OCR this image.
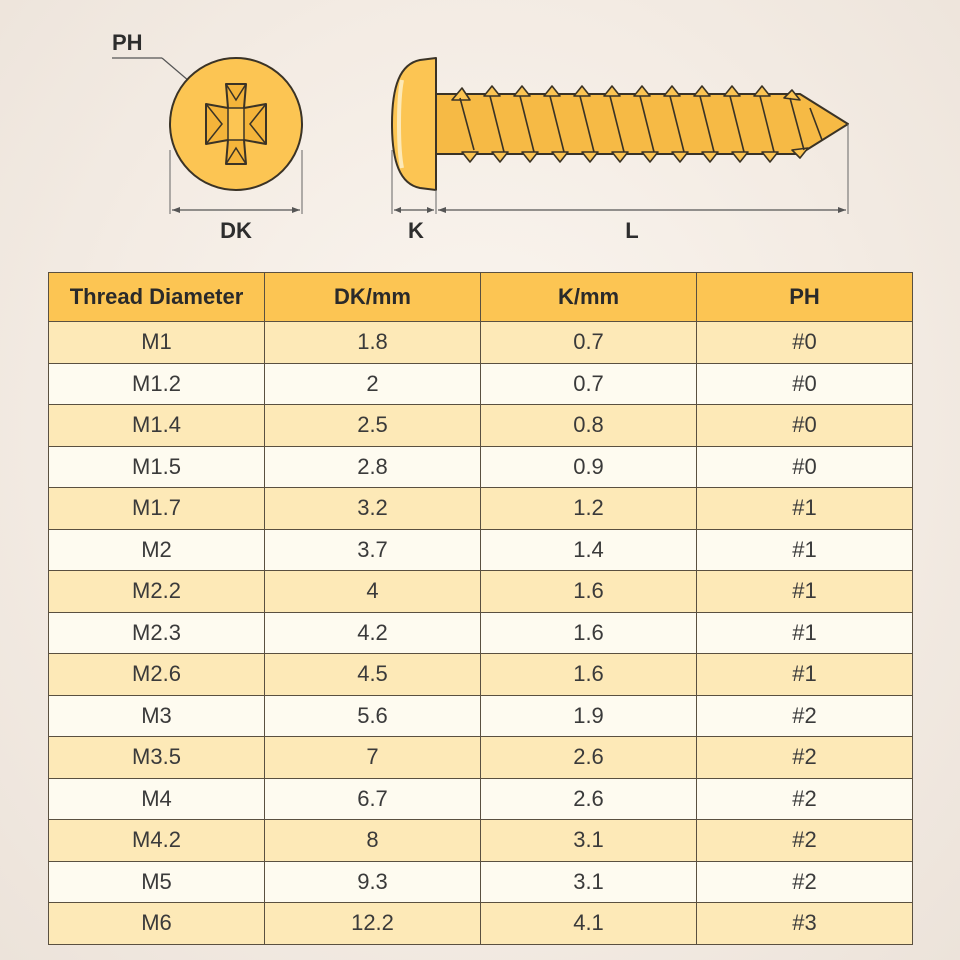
PH
DK	K	L
Thread Diameter	DK/mm	K/mm	PH
M1	1.8	0.7	#0
M1.2	2	0.7	#0
M1.4	2.5	0.8	#0
M1.5	2.8	0.9	#0
M1.7	3.2	1.2	#1
M2	3.7	1.4	#1
M2.2	4	1.6	#1
M2.3	4.2	1.6	#1
M2.6	4.5	1.6	#1
M3	5.6	1.9	#2
M3.5	7	2.6	#2
M4	6.7	2.6	#2
M4.2	8	3.1	#2
M5	9.3	3.1	#2
M6	12.2	4.1	#3
